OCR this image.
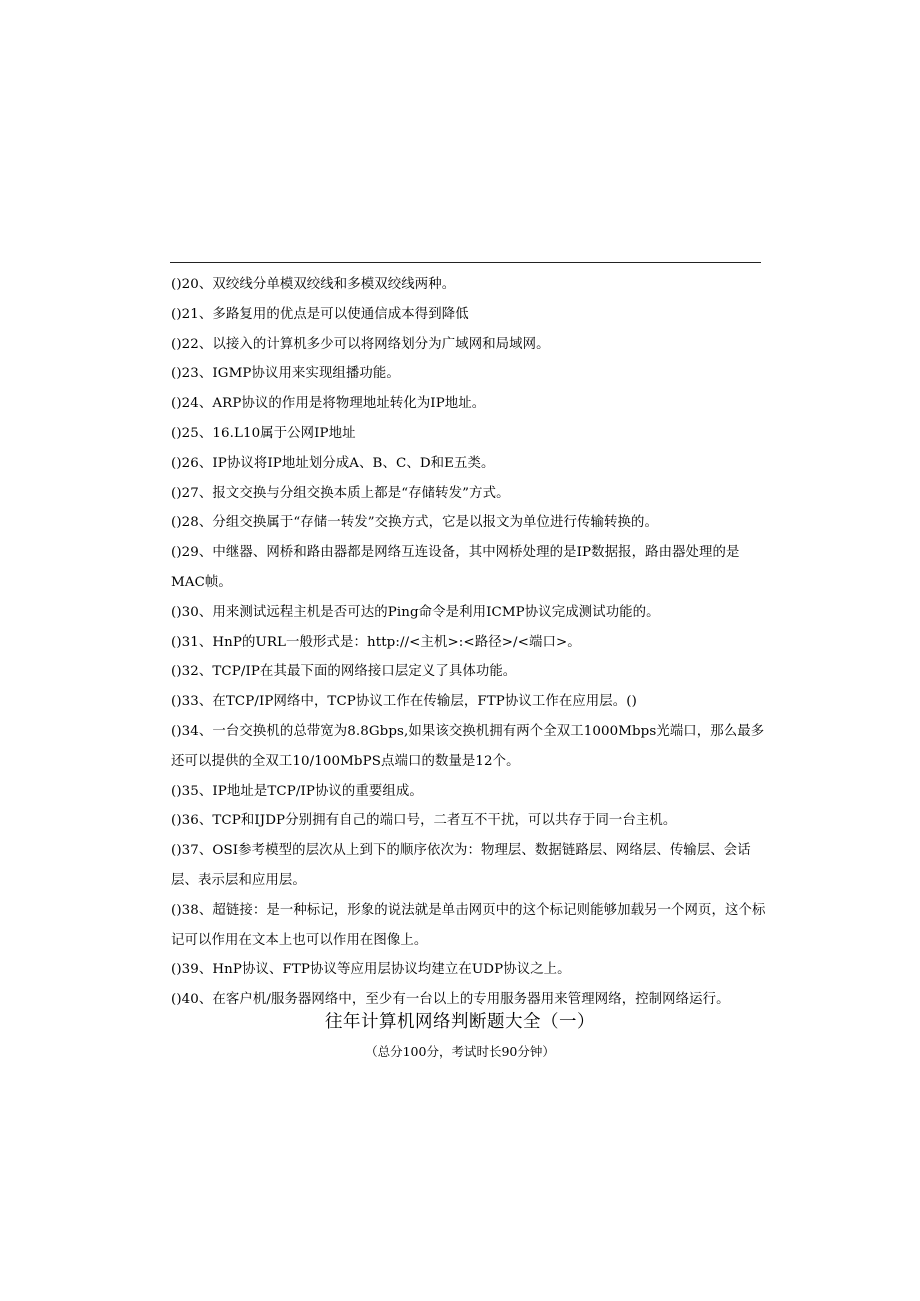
()20、双绞线分单模双绞线和多模双绞线两种。
()21、多路复用的优点是可以使通信成本得到降低
()22、以接入的计算机多少可以将网络划分为广域网和局域网。
()23、IGMP协议用来实现组播功能。
()24、ARP协议的作用是将物理地址转化为IP地址。
()25、16.L10属于公网IP地址
()26、IP协议将IP地址划分成A、B、C、D和E五类。
()27、报文交换与分组交换本质上都是“存储转发”方式。
()28、分组交换属于“存储一转发”交换方式，它是以报文为单位进行传输转换的。
()29、中继器、网桥和路由器都是网络互连设备，其中网桥处理的是IP数据报，路由器处理的是MAC帧。
()30、用来测试远程主机是否可达的Ping命令是利用ICMP协议完成测试功能的。
()31、HnP的URL一般形式是：http://<主机>:<路径>/<端口>。
()32、TCP/IP在其最下面的网络接口层定义了具体功能。
()33、在TCP/IP网络中，TCP协议工作在传输层，FTP协议工作在应用层。()
()34、一台交换机的总带宽为8.8Gbps,如果该交换机拥有两个全双工1000Mbps光端口，那么最多还可以提供的全双工10/100MbPS点端口的数量是12个。
()35、IP地址是TCP/IP协议的重要组成。
()36、TCP和IJDP分别拥有自己的端口号，二者互不干扰，可以共存于同一台主机。
()37、OSI参考模型的层次从上到下的顺序依次为：物理层、数据链路层、网络层、传输层、会话层、表示层和应用层。
()38、超链接：是一种标记，形象的说法就是单击网页中的这个标记则能够加载另一个网页，这个标记可以作用在文本上也可以作用在图像上。
()39、HnP协议、FTP协议等应用层协议均建立在UDP协议之上。
()40、在客户机/服务器网络中，至少有一台以上的专用服务器用来管理网络，控制网络运行。
往年计算机网络判断题大全（一）
（总分100分，考试时长90分钟）
